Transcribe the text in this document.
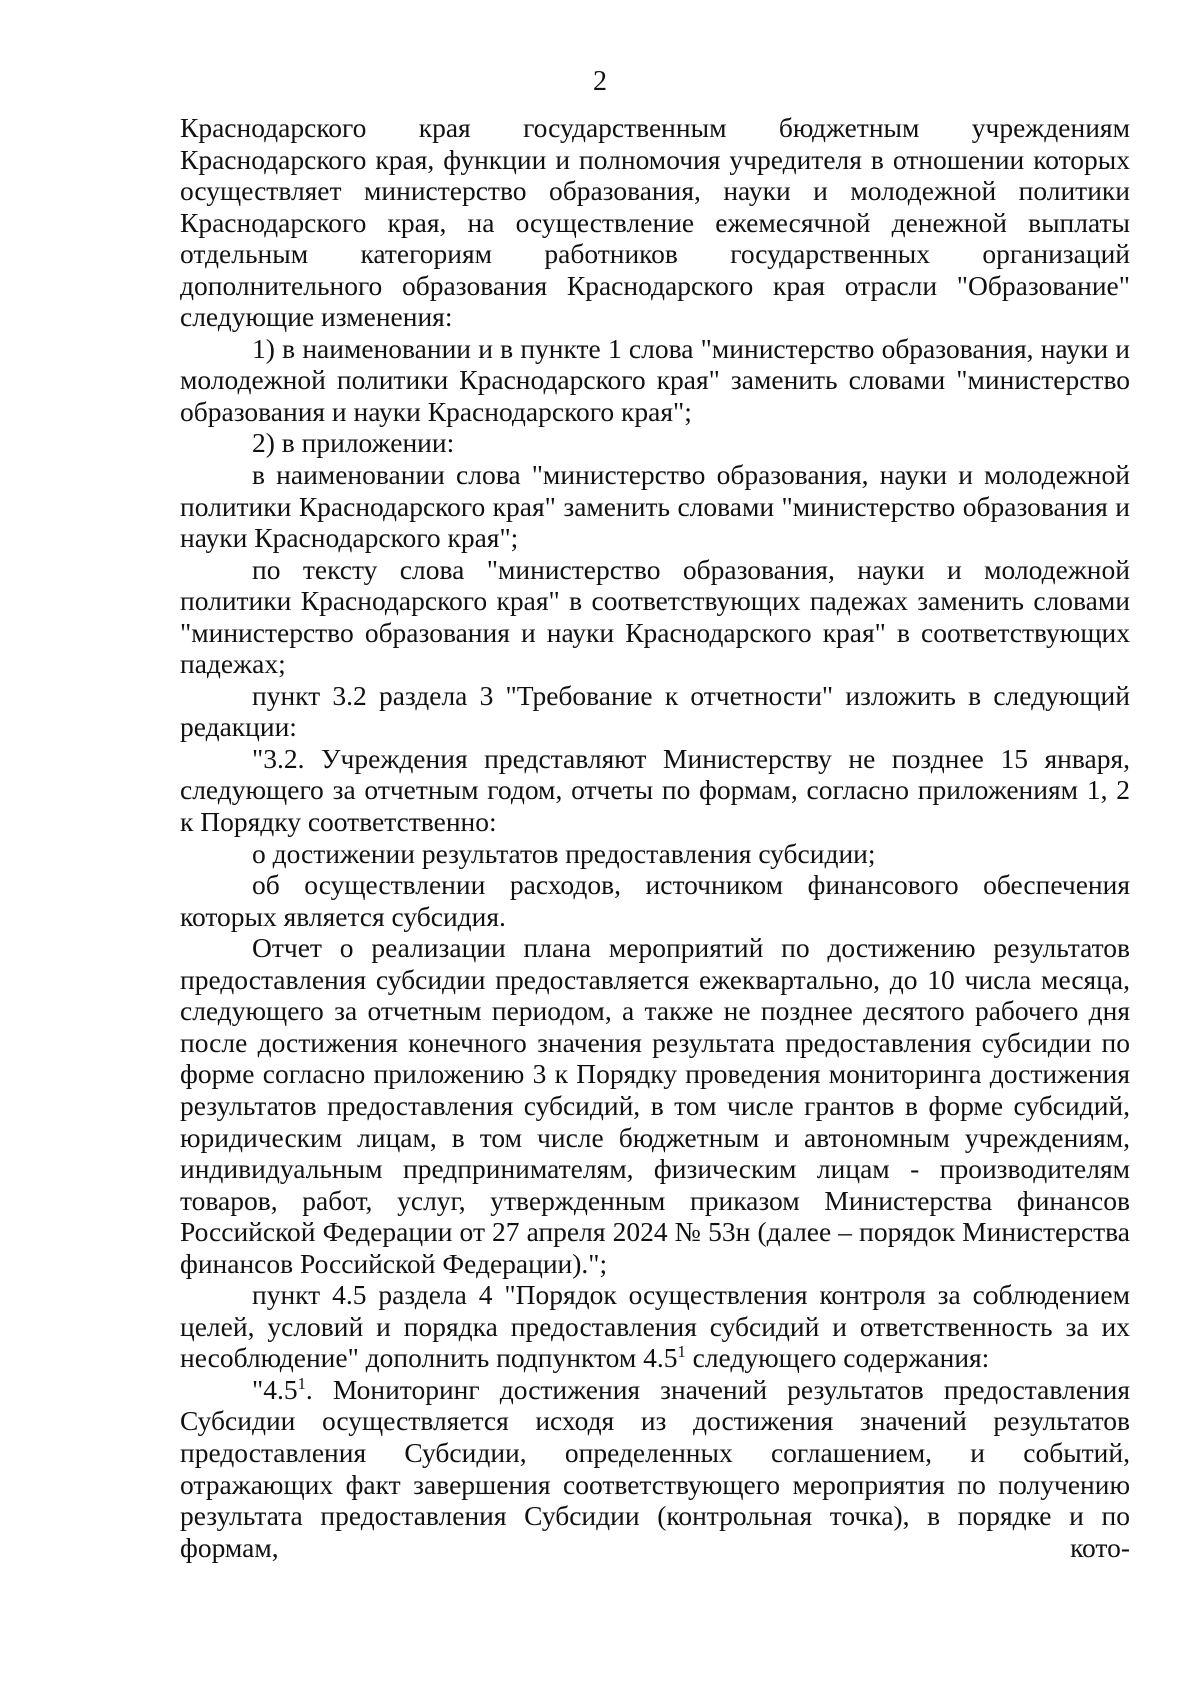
2

Краснодарского края государственным бюджетным учреждениям Краснодарского края, функции и полномочия учредителя в отношении которых осуществляет министерство образования, науки и молодежной политики Краснодарского края, на осуществление ежемесячной денежной выплаты отдельным категориям работников государственных организаций дополнительного образования Краснодарского края отрасли "Образование" следующие изменения:

1) в наименовании и в пункте 1 слова "министерство образования, науки и молодежной политики Краснодарского края" заменить словами "министерство образования и науки Краснодарского края";

2) в приложении:

в наименовании слова "министерство образования, науки и молодежной политики Краснодарского края" заменить словами "министерство образования и науки Краснодарского края";

по тексту слова "министерство образования, науки и молодежной политики Краснодарского края" в соответствующих падежах заменить словами "министерство образования и науки Краснодарского края" в соответствующих падежах;

пункт 3.2 раздела 3 "Требование к отчетности" изложить в следующий редакции:

"3.2. Учреждения представляют Министерству не позднее 15 января, следующего за отчетным годом, отчеты по формам, согласно приложениям 1, 2 к Порядку соответственно:

о достижении результатов предоставления субсидии;

об осуществлении расходов, источником финансового обеспечения которых является субсидия.

Отчет о реализации плана мероприятий по достижению результатов предоставления субсидии предоставляется ежеквартально, до 10 числа месяца, следующего за отчетным периодом, а также не позднее десятого рабочего дня после достижения конечного значения результата предоставления субсидии по форме согласно приложению 3 к Порядку проведения мониторинга достижения результатов предоставления субсидий, в том числе грантов в форме субсидий, юридическим лицам, в том числе бюджетным и автономным учреждениям, индивидуальным предпринимателям, физическим лицам - производителям товаров, работ, услуг, утвержденным приказом Министерства финансов Российской Федерации от 27 апреля 2024 № 53н (далее – порядок Министерства финансов Российской Федерации).";

пункт 4.5 раздела 4 "Порядок осуществления контроля за соблюдением целей, условий и порядка предоставления субсидий и ответственность за их несоблюдение" дополнить подпунктом $4.5^1$ следующего содержания:

"$4.5^1$. Мониторинг достижения значений результатов предоставления Субсидии осуществляется исходя из достижения значений результатов предоставления Субсидии, определенных соглашением, и событий, отражающих факт завершения соответствующего мероприятия по получению результата предоставления Субсидии (контрольная точка), в порядке и по формам, кото-
